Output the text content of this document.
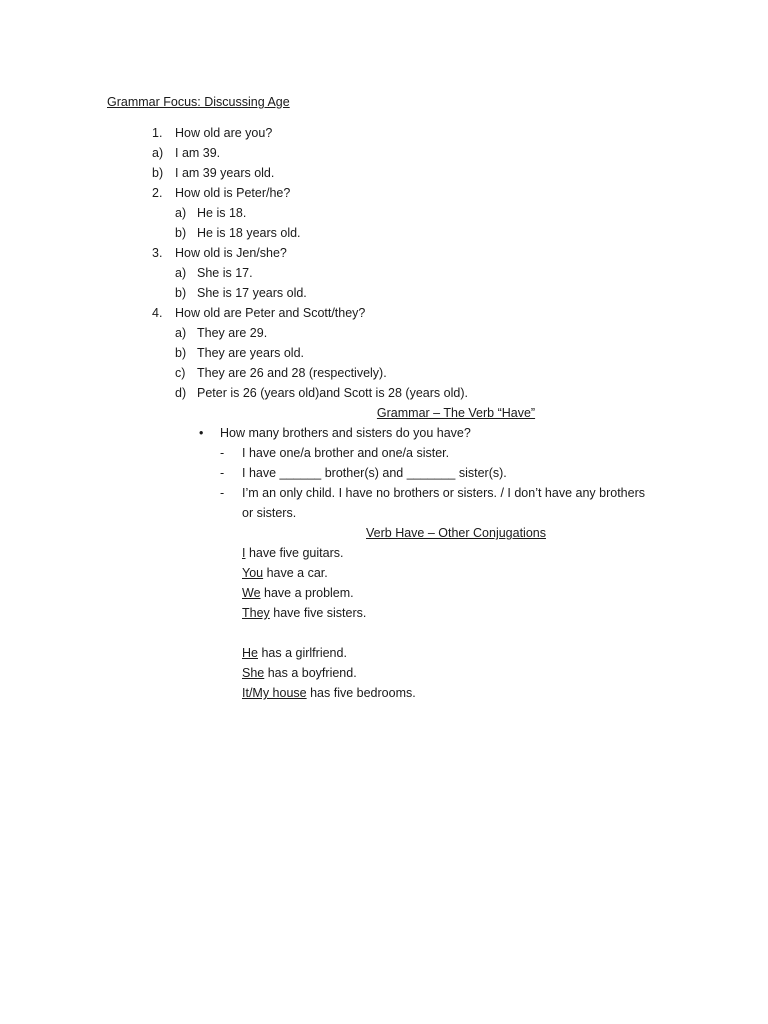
Grammar Focus: Discussing Age
1. How old are you?
a) I am 39.
b) I am 39 years old.
2. How old is Peter/he?
a) He is 18.
b) He is 18 years old.
3. How old is Jen/she?
a) She is 17.
b) She is 17 years old.
4. How old are Peter and Scott/they?
a) They are 29.
b) They are years old.
c) They are 26 and 28 (respectively).
d) Peter is 26 (years old)and Scott is 28 (years old).
Grammar – The Verb “Have”
• How many brothers and sisters do you have?
- I have one/a brother and one/a sister.
- I have ______ brother(s) and _______ sister(s).
- I’m an only child. I have no brothers or sisters. / I don’t have any brothers
or sisters.
Verb Have – Other Conjugations
I have five guitars.
You have a car.
We have a problem.
They have five sisters.
He has a girlfriend.
She has a boyfriend.
It/My house has five bedrooms.
